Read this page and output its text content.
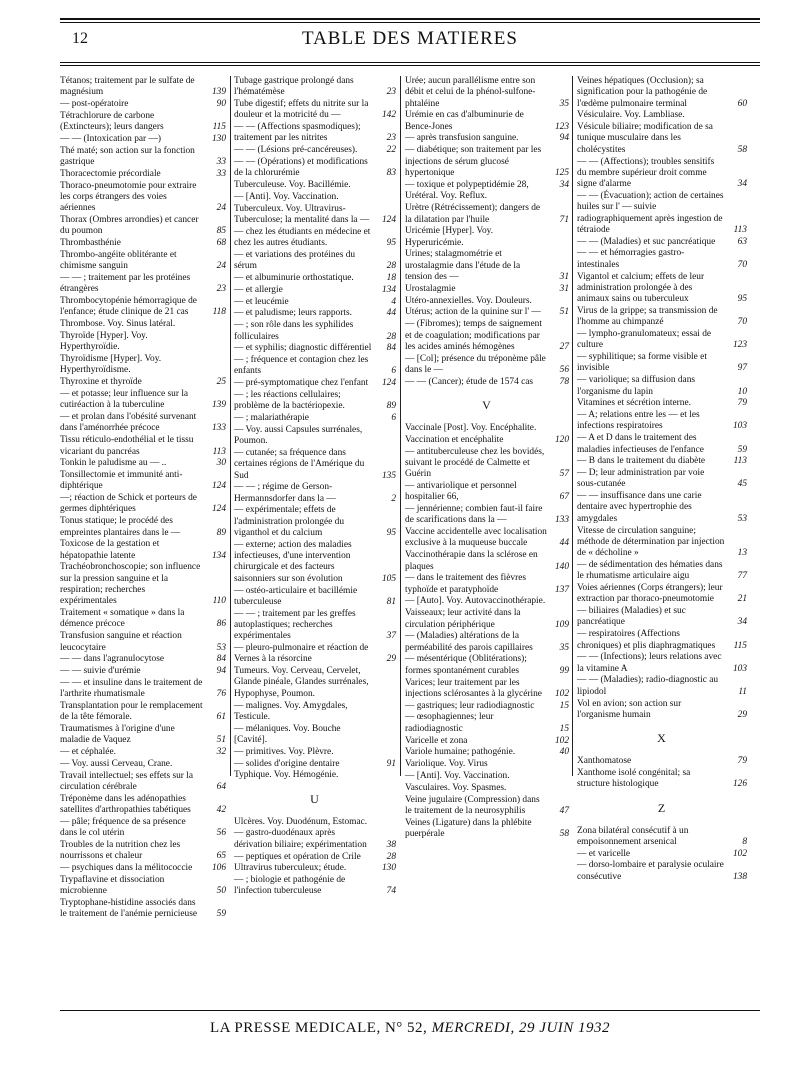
12	TABLE DES MATIERES
Tétanos; traitement par le sulfate de magnésium	139
— post-opératoire	90
Tétrachlorure de carbone (Extincteurs); leurs dangers	115
— — (Intoxication par —)	130
Thé maté; son action sur la fonction gastrique	33
Thoracectomie précordiale	33
Thoraco-pneumotomie pour extraire les corps étrangers des voies aériennes	24
Thorax (Ombres arrondies) et cancer du poumon	85
Thrombasthénie	68
Thrombo-angéite oblitérante et chimisme sanguin	24
— — ; traitement par les protéines étrangères	23
Thrombocytopénie hémorragique de l'enfance; étude clinique de 21 cas	118
Thrombose. Voy. Sinus latéral.
Thyroïde [Hyper]. Voy. Hyperthyroïdie.
Thyroïdisme [Hyper]. Voy. Hyperthyroïdisme.
Thyroxine et thyroïde	25
— et potasse; leur influence sur la cutiréaction à la tuberculine	139
— et prolan dans l'obésité survenant dans l'aménorrhée précoce	133
Tissu réticulo-endothélial et le tissu vicariant du pancréas	113
Tonkin le paludisme au — ..	30
Tonsillectomie et immunité anti-diphtérique	124
—; réaction de Schick et porteurs de germes diphtériques	124
Tonus statique; le procédé des empreintes plantaires dans le —	89
Toxicose de la gestation et hépatopathie latente	134
Trachéobronchoscopie; son influence sur la pression sanguine et la respiration; recherches expérimentales	110
Traitement « somatique » dans la démence précoce	86
Transfusion sanguine et réaction leucocytaire	53
— — dans l'agranulocytose	84
— — suivie d'urémie	94
— — et insuline dans le traitement de l'arthrite rhumatismale	76
Transplantation pour le remplacement de la tête fémorale.	61
Traumatismes à l'origine d'une maladie de Vaquez	51
— et céphalée.	32
— Voy. aussi Cerveau, Crane.
Travail intellectuel; ses effets sur la circulation cérébrale	64
Tréponème dans les adénopathies satellites d'arthropathies tabétiques	42
— pâle; fréquence de sa présence dans le col utérin	56
Troubles de la nutrition chez les nourrissons et chaleur	65
— psychiques dans la mélitococcie	106
Trypaflavine et dissociation microbienne	50
Tryptophane-histidine associés dans le traitement de l'anémie pernicieuse	59
Tubage gastrique prolongé dans l'hématémèse	23
Tube digestif; effets du nitrite sur la douleur et la motricité du —	142
— — (Affections spasmodiques); traitement par les nitrites	23
— — (Lésions pré-cancéreuses).	22
— — (Opérations) et modifications de la chlorurémie	83
Tuberculeuse. Voy. Bacillémie.
— [Anti]. Voy. Vaccination.
Tuberculeux. Voy. Ultravirus-Tuberculose; la mentalité dans la —	124
— chez les étudiants en médecine et chez les autres étudiants.	95
— et variations des protéines du sérum	28
— et albuminurie orthostatique.	18
— et allergie	134
— et leucémie	4
— et paludisme; leurs rapports.	44
— ; son rôle dans les syphilides folliculaires	28
— et syphilis; diagnostic différentiel 84
— ; fréquence et contagion chez les enfants	6
— pré-symptomatique chez l'enfant	124
— ; les réactions cellulaires; problème de la bactériopexie.	89
— ; malariathérapie	6
— Voy. aussi Capsules surrénales, Poumon.
— cutanée; sa fréquence dans certaines régions de l'Amérique du Sud	135
— — ; régime de Gerson-Hermannsdorfer dans la —	2
— expérimentale; effets de l'administration prolongée du viganthol et du calcium	95
— externe; action des maladies infectieuses, d'une intervention chirurgicale et des facteurs saisonniers sur son évolution	105
— ostéo-articulaire et bacillémie tuberculeuse	81
— — ; traitement par les greffes autoplastiques; recherches expérimentales	37
— pleuro-pulmonaire et réaction de Vernes à la résorcine	29
Tumeurs. Voy. Cerveau, Cervelet, Glande pinéale, Glandes surrénales, Hypophyse, Poumon.
— malignes. Voy. Amygdales, Testicule.
— mélaniques. Voy. Bouche [Cavité].
— primitives. Voy. Plèvre.
— solides d'origine dentaire	91
Typhique. Voy. Hémogénie.
U
Ulcères. Voy. Duodénum, Estomac.
— gastro-duodénaux après dérivation biliaire; expérimentation	38
— peptiques et opération de Crile	28
Ultravirus tuberculeux; étude.	130
— ; biologie et pathogénie de l'infection tuberculeuse	74
Urée; aucun parallélisme entre son débit et celui de la phénol-sulfone-phtaléine	35
Urémie en cas d'albuminurie de Bence-Jones	123
— après transfusion sanguine.	94
— diabétique; son traitement par les injections de sérum glucosé hypertonique	125
— toxique et polypeptidémie 28,	34
Urétéral. Voy. Reflux.
Urètre (Rétrécissement); dangers de la dilatation par l'huile	71
Uricémie [Hyper]. Voy. Hyperuricémie.
Urines; stalagmométrie et urostalagmie dans l'étude de la tension des —	31
Urostalagmie	31
Utéro-annexielles. Voy. Douleurs.
Utérus; action de la quinine sur l' —	51
— (Fibromes); temps de saignement et de coagulation; modifications par les acides aminés hémogènes	27
— [Col]; présence du tréponème pâle dans le —	56
— — (Cancer); étude de 1574 cas	78
V
Vaccinale [Post]. Voy. Encéphalite.
Vaccination et encéphalite	120
— antituberculeuse chez les bovidés, suivant le procédé de Calmette et Guérin	57
— antivariolique et personnel hospitalier 66,	67
— jennérienne; combien faut-il faire de scarifications dans la —	133
Vaccine accidentelle avec localisation exclusive à la muqueuse buccale	44
Vaccinothérapie dans la sclérose en plaques	140
— dans le traitement des fièvres typhoïde et paratyphoïde	137
— [Auto]. Voy. Autovaccinothérapie.
Vaisseaux; leur activité dans la circulation périphérique	109
— (Maladies) altérations de la perméabilité des parois capillaires	35
— mésentérique (Oblitérations); formes spontanément curables	99
Varices; leur traitement par les injections sclérosantes à la glycérine	102
— gastriques; leur radiodiagnostic	15
— œsophagiennes; leur radiodiagnostic	15
Varicelle et zona	102
Variole humaine; pathogénie.	40
Variolique. Voy. Virus
— [Anti]. Voy. Vaccination.
Vasculaires. Voy. Spasmes.
Veine jugulaire (Compression) dans le traitement de la neurosyphilis	47
Veines (Ligature) dans la phlébite puerpérale	58
Veines hépatiques (Occlusion); sa signification pour la pathogénie de l'œdème pulmonaire terminal	60
Vésiculaire. Voy. Lambliase.
Vésicule biliaire; modification de sa tunique musculaire dans les cholécystites	58
— — (Affections); troubles sensitifs du membre supérieur droit comme signe d'alarme	34
— — (Évacuation); action de certaines huiles sur l' — suivie radiographiquement après ingestion de tétraiode	113
— — (Maladies) et suc pancréatique	63
— — et hémorragies gastro-intestinales	70
Vigantol et calcium; effets de leur administration prolongée à des animaux sains ou tuberculeux	95
Virus de la grippe; sa transmission de l'homme au chimpanzé	70
— lympho-granulomateux; essai de culture	123
— syphilitique; sa forme visible et invisible	97
— variolique; sa diffusion dans l'organisme du lapin	10
Vitamines et sécrétion interne.	79
— A; relations entre les — et les infections respiratoires	103
— A et D dans le traitement des maladies infectieuses de l'enfance	59
— B dans le traitement du diabète	113
— D; leur administration par voie sous-cutanée	45
— — insuffisance dans une carie dentaire avec hypertrophie des amygdales	53
Vitesse de circulation sanguine; méthode de détermination par injection de « décholine »	13
— de sédimentation des hématies dans le rhumatisme articulaire aigu	77
Voies aériennes (Corps étrangers); leur extraction par thoraco-pneumotomie	21
— biliaires (Maladies) et suc pancréatique	34
— respiratoires (Affections chroniques) et plis diaphragmatiques	115
— — (Infections); leurs relations avec la vitamine A	103
— — (Maladies); radio-diagnostic au lipiodol	11
Vol en avion; son action sur l'organisme humain	29
X
Xanthomatose	79
Xanthome isolé congénital; sa structure histologique	126
Z
Zona bilatéral consécutif à un empoisonnement arsenical	8
— et varicelle	102
— dorso-lombaire et paralysie oculaire consécutive	138
LA PRESSE MEDICALE, N° 52, MERCREDI, 29 JUIN 1932
